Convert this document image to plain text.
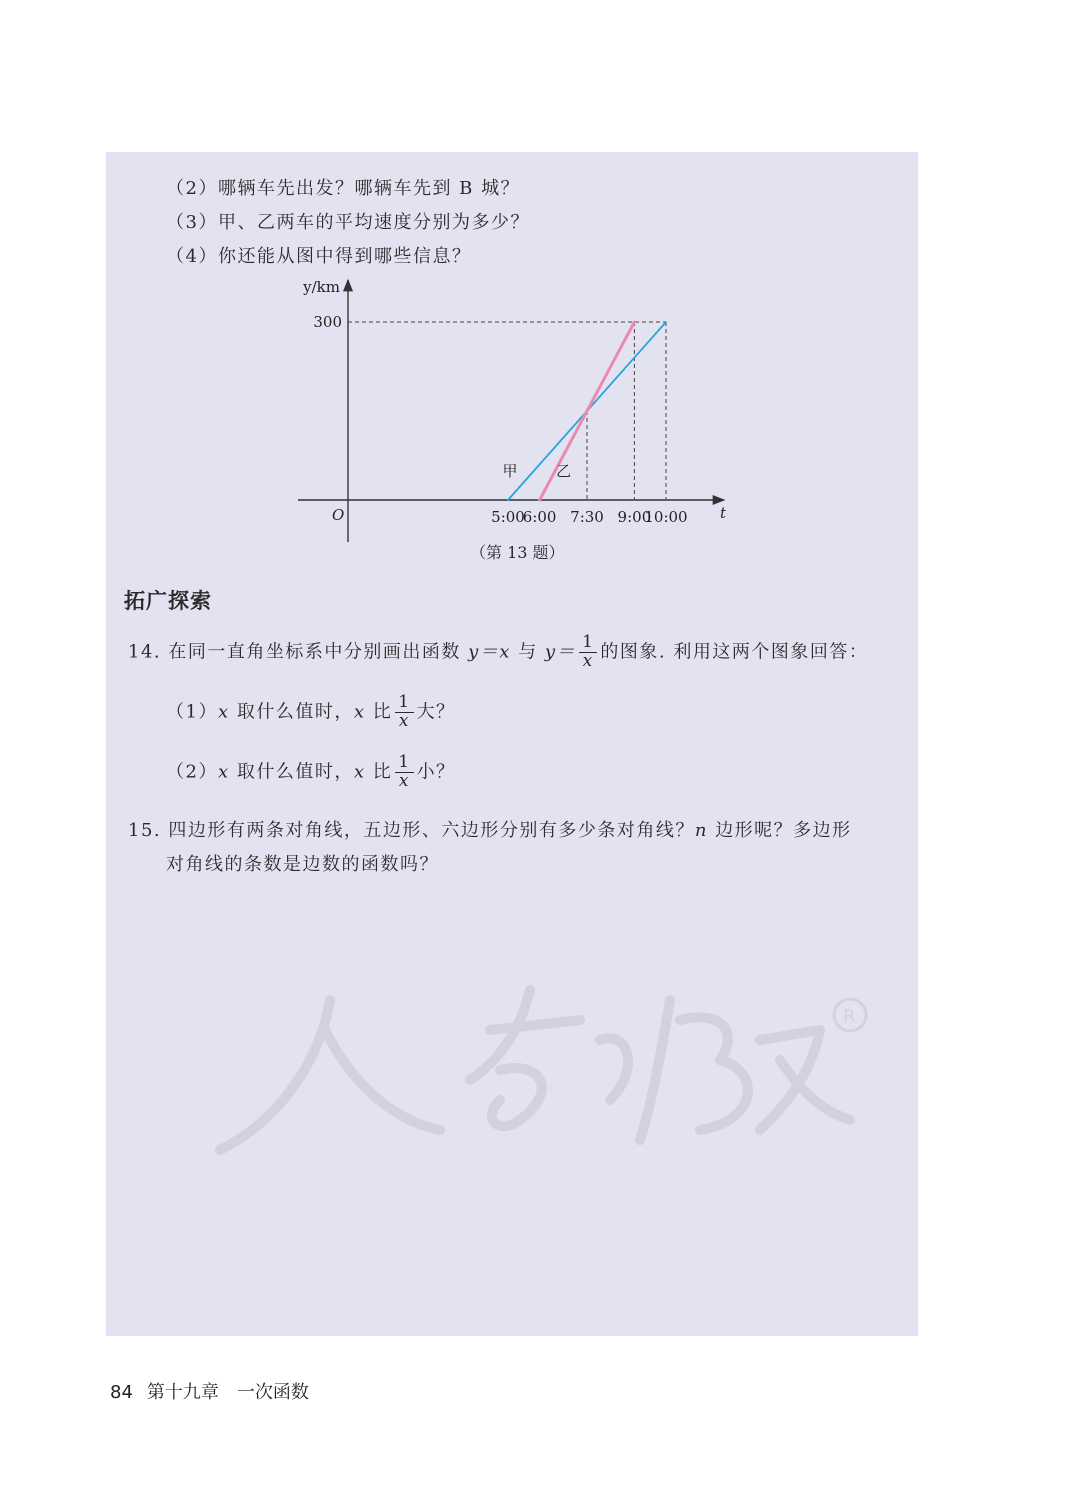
（2）哪辆车先出发？哪辆车先到 B 城？
（3）甲、乙两车的平均速度分别为多少？
（4）你还能从图中得到哪些信息？
甲	乙
5:00
6:00 7:30 9:00
10:00
300
y/km
t
O
（第 13 题）
拓广探索
14. 在同一直角坐标系中分别画出函数 y＝x 与 $y= \frac{1}{x}$ 的图象. 利用这两个图象回答：
（1）x 取什么值时，x 比 $\frac{1}{x}$ 大？
（2）x 取什么值时，x 比 $\frac{1}{x}$ 小？
15. 四边形有两条对角线，五边形、六边形分别有多少条对角线？n 边形呢？多边形
对角线的条数是边数的函数吗？
R
84 第十九章 一次函数
